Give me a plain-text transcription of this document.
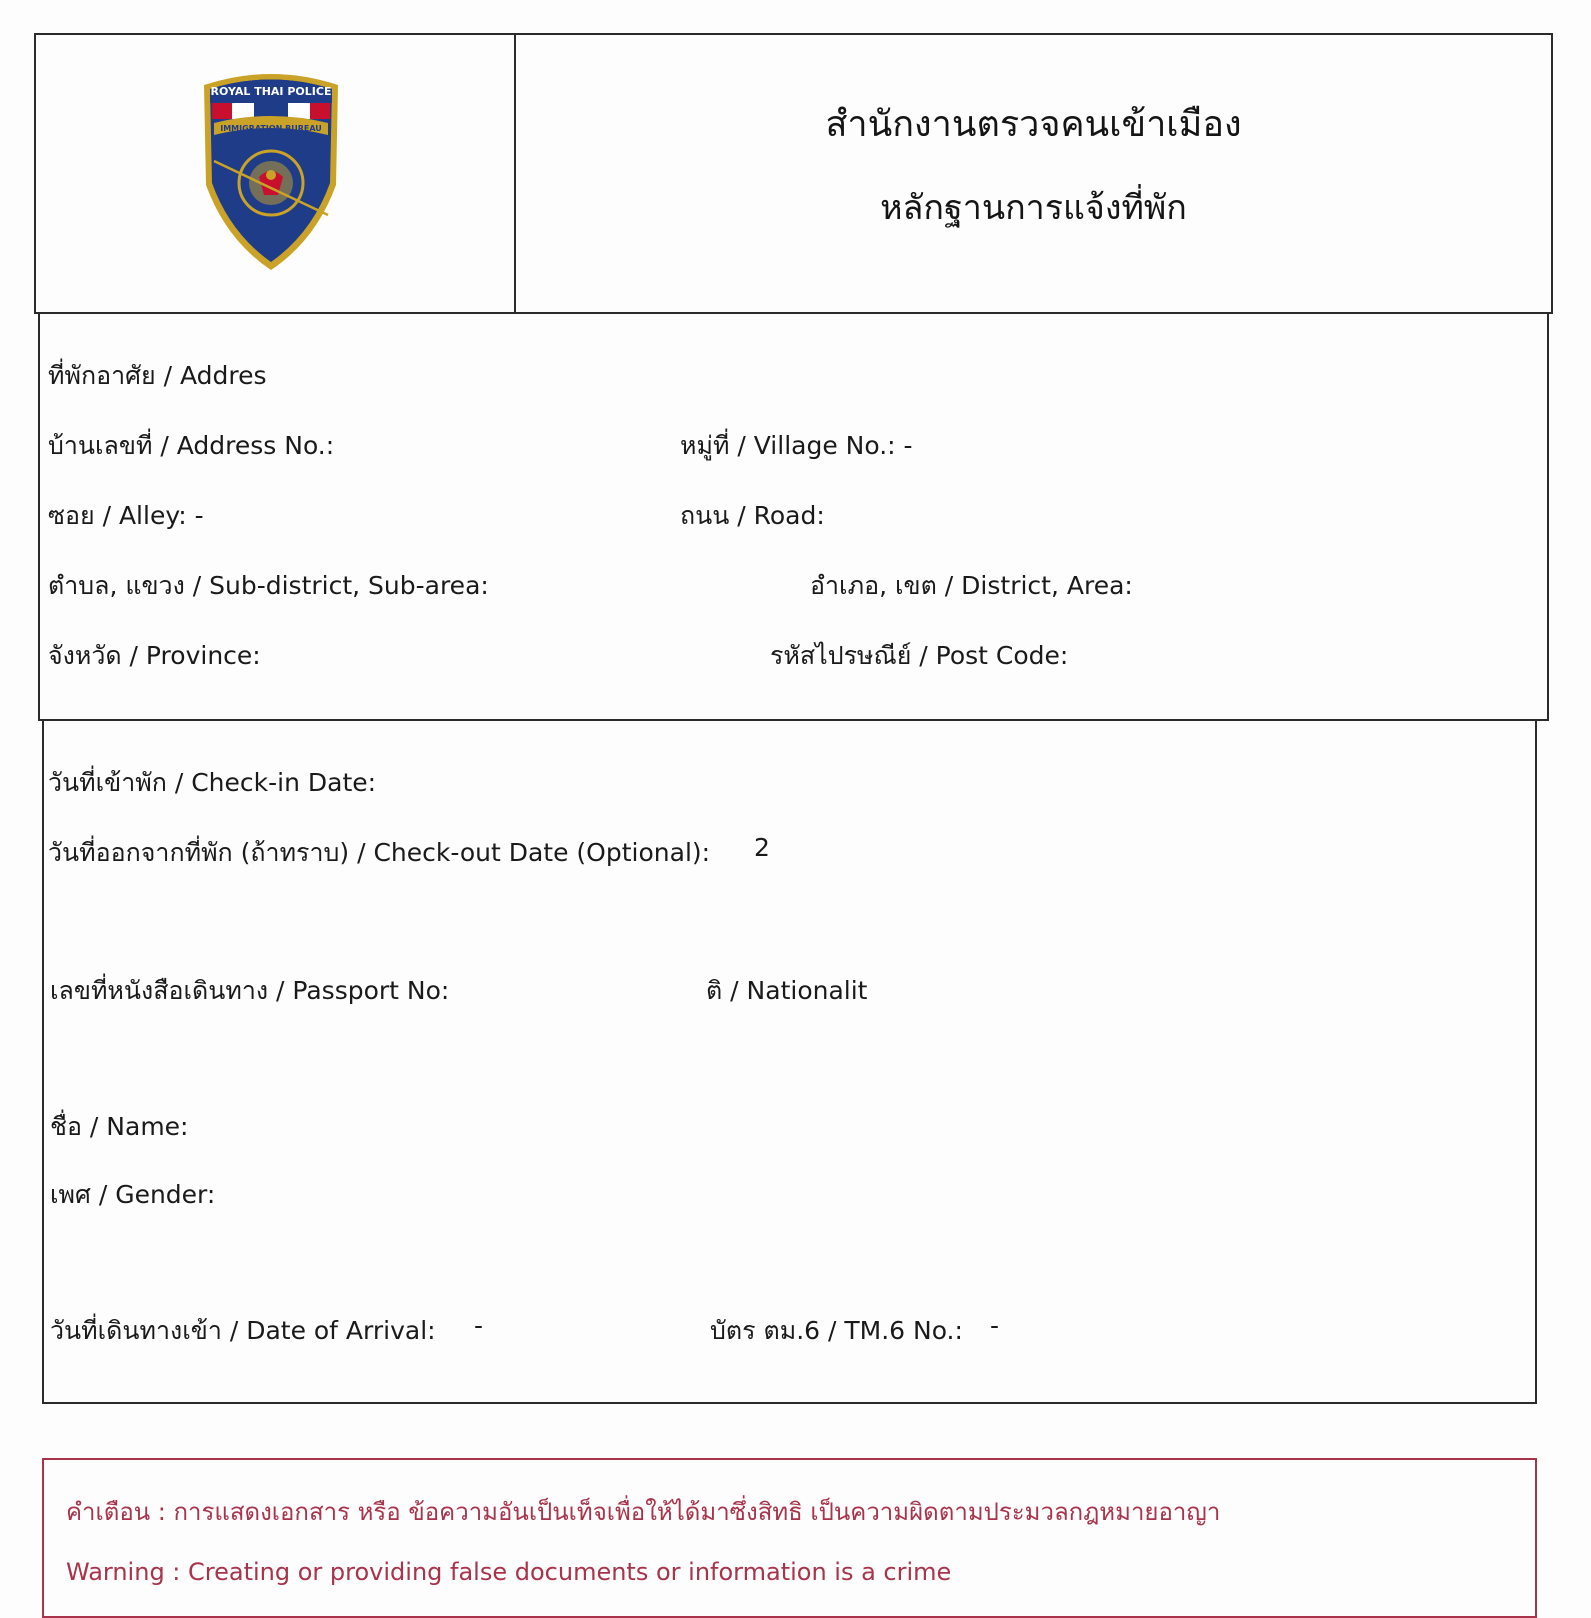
ROYAL THAI POLICE
IMMIGRATION BUREAU	สำนักงานตรวจคนเข้าเมือง
หลักฐานการแจ้งที่พัก
ที่พักอาศัย / Addres
บ้านเลขที่ / Address No.:	หมู่ที่ / Village No.: -
ซอย / Alley: -	ถนน / Road:
ตำบล, แขวง / Sub-district, Sub-area:	อำเภอ, เขต / District, Area:
จังหวัด / Province:	รหัสไปรษณีย์ / Post Code:
วันที่เข้าพัก / Check-in Date:
วันที่ออกจากที่พัก (ถ้าทราบ) / Check-out Date (Optional): 2
เลขที่หนังสือเดินทาง / Passport No:	ติ / Nationalit
ชื่อ / Name:
เพศ / Gender:
วันที่เดินทางเข้า / Date of Arrival: -	บัตร ตม.6 / TM.6 No.: -
คำเตือน : การแสดงเอกสาร หรือ ข้อความอันเป็นเท็จเพื่อให้ได้มาซึ่งสิทธิ เป็นความผิดตามประมวลกฎหมายอาญา
Warning : Creating or providing false documents or information is a crime
